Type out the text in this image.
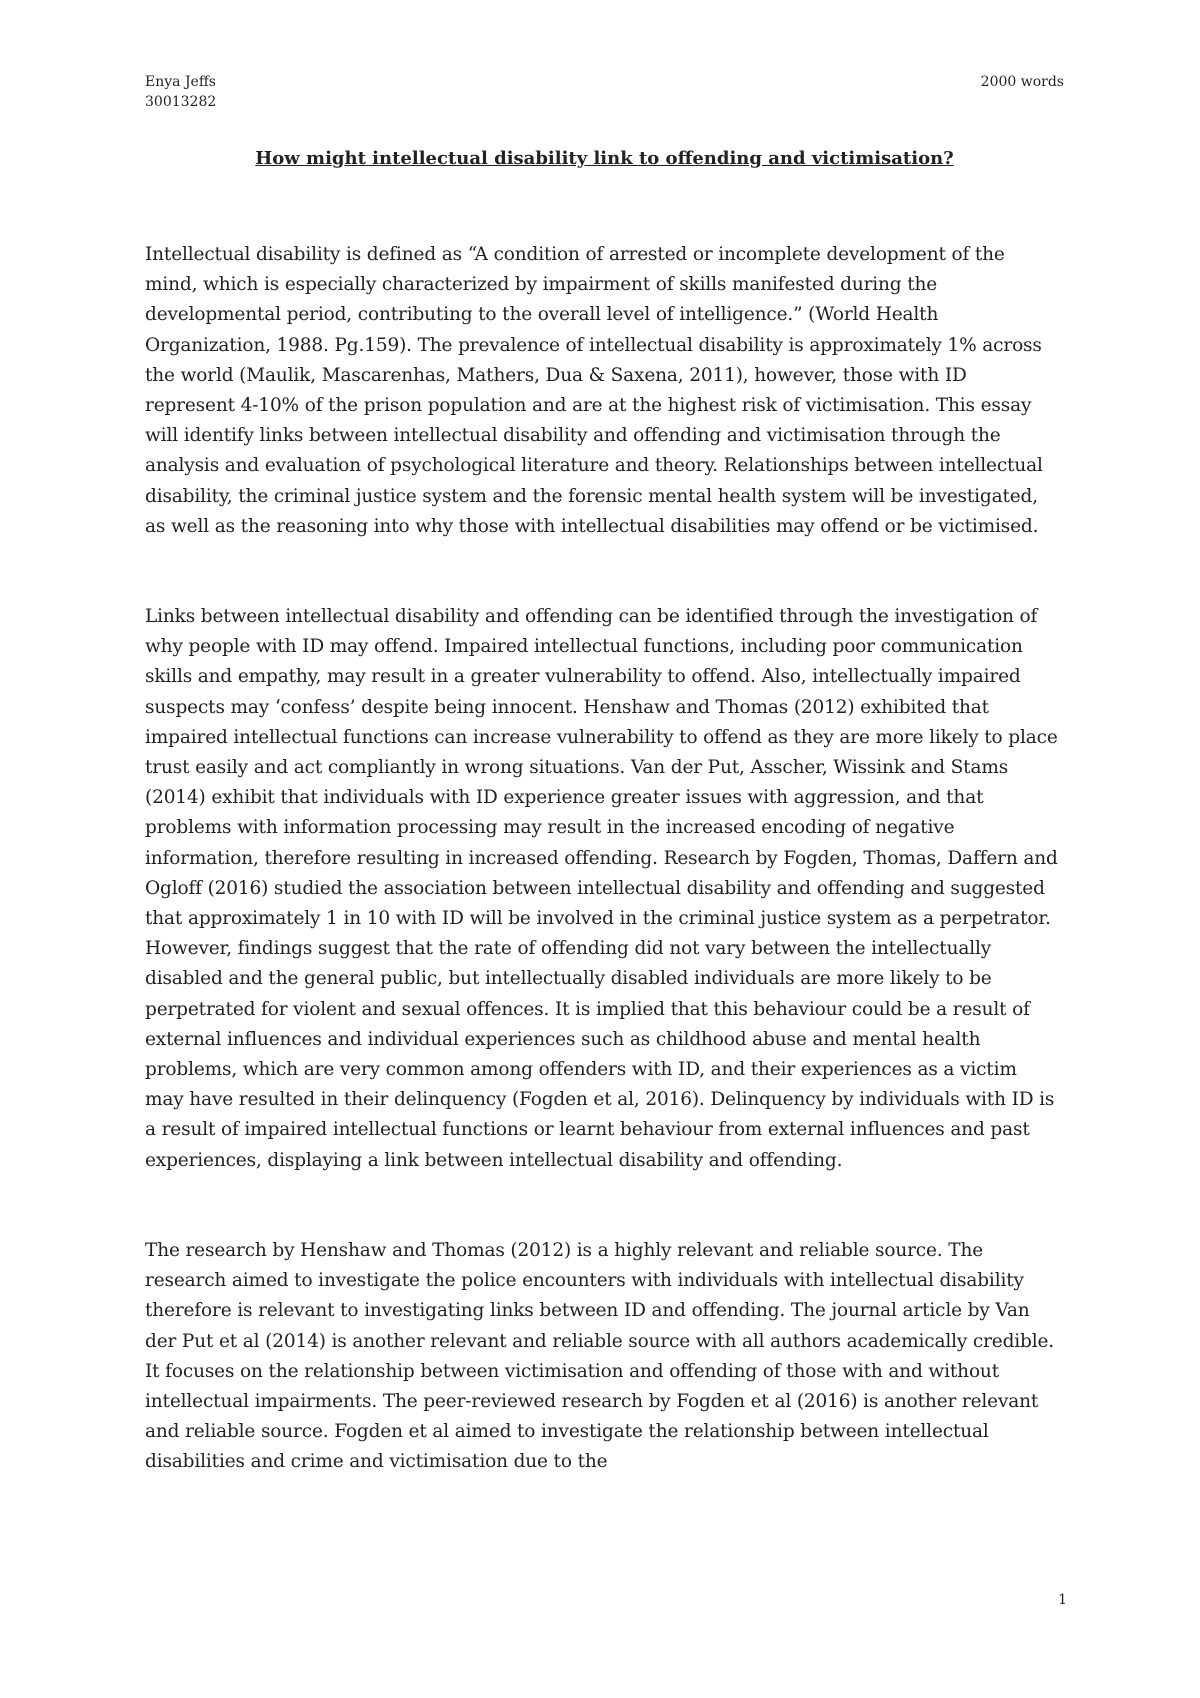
Enya Jeffs
30013282
2000 words
How might intellectual disability link to offending and victimisation?

Intellectual disability is defined as “A condition of arrested or incomplete development of the mind, which is especially characterized by impairment of skills manifested during the developmental period, contributing to the overall level of intelligence.” (World Health Organization, 1988. Pg.159). The prevalence of intellectual disability is approximately 1% across the world (Maulik, Mascarenhas, Mathers, Dua & Saxena, 2011), however, those with ID represent 4-10% of the prison population and are at the highest risk of victimisation. This essay will identify links between intellectual disability and offending and victimisation through the analysis and evaluation of psychological literature and theory. Relationships between intellectual disability, the criminal justice system and the forensic mental health system will be investigated, as well as the reasoning into why those with intellectual disabilities may offend or be victimised.

Links between intellectual disability and offending can be identified through the investigation of why people with ID may offend. Impaired intellectual functions, including poor communication skills and empathy, may result in a greater vulnerability to offend. Also, intellectually impaired suspects may ‘confess’ despite being innocent. Henshaw and Thomas (2012) exhibited that impaired intellectual functions can increase vulnerability to offend as they are more likely to place trust easily and act compliantly in wrong situations. Van der Put, Asscher, Wissink and Stams (2014) exhibit that individuals with ID experience greater issues with aggression, and that problems with information processing may result in the increased encoding of negative information, therefore resulting in increased offending. Research by Fogden, Thomas, Daffern and Ogloff (2016) studied the association between intellectual disability and offending and suggested that approximately 1 in 10 with ID will be involved in the criminal justice system as a perpetrator. However, findings suggest that the rate of offending did not vary between the intellectually disabled and the general public, but intellectually disabled individuals are more likely to be perpetrated for violent and sexual offences. It is implied that this behaviour could be a result of external influences and individual experiences such as childhood abuse and mental health problems, which are very common among offenders with ID, and their experiences as a victim may have resulted in their delinquency (Fogden et al, 2016). Delinquency by individuals with ID is a result of impaired intellectual functions or learnt behaviour from external influences and past experiences, displaying a link between intellectual disability and offending.

The research by Henshaw and Thomas (2012) is a highly relevant and reliable source. The research aimed to investigate the police encounters with individuals with intellectual disability therefore is relevant to investigating links between ID and offending. The journal article by Van der Put et al (2014) is another relevant and reliable source with all authors academically credible. It focuses on the relationship between victimisation and offending of those with and without intellectual impairments. The peer-reviewed research by Fogden et al (2016) is another relevant and reliable source. Fogden et al aimed to investigate the relationship between intellectual disabilities and crime and victimisation due to the

1
